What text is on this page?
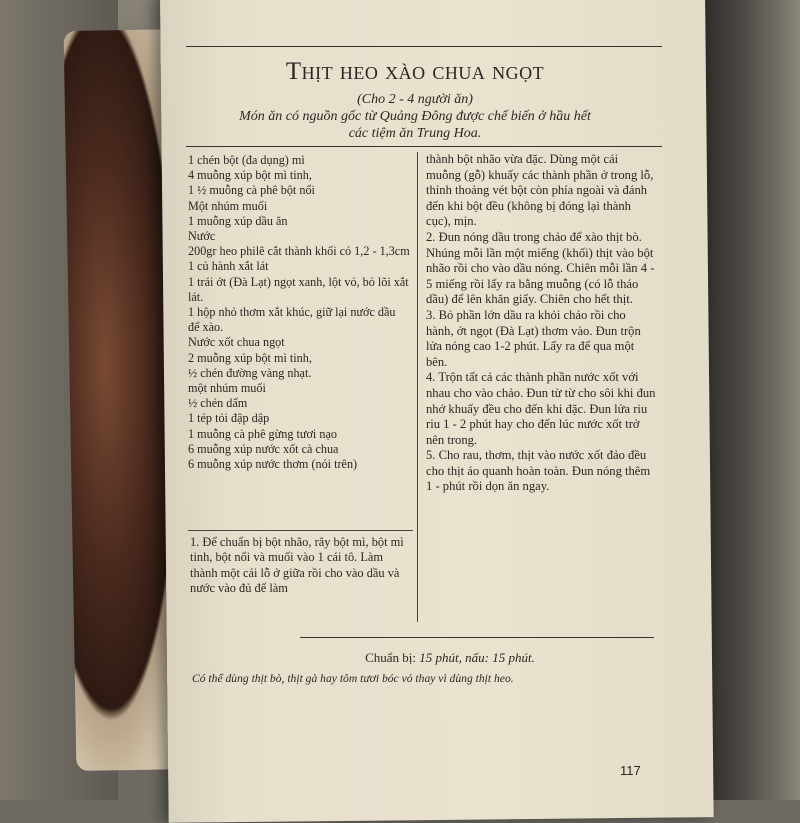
Thịt heo xào chua ngọt
(Cho 2 - 4 người ăn)
Món ăn có nguồn gốc từ Quảng Đông được chế biến ở hầu hết
các tiệm ăn Trung Hoa.
1 chén bột (đa dụng) mì
4 muỗng xúp bột mì tinh,
1 ½ muỗng cà phê bột nổi
Một nhúm muối
1 muỗng xúp dầu ăn
Nước
200gr heo philê cắt thành khối có 1,2 - 1,3cm
1 củ hành xắt lát
1 trái ớt (Đà Lạt) ngọt xanh, lột vỏ, bỏ lõi xắt lát.
1 hộp nhỏ thơm xắt khúc, giữ lại nước dầu để xào.
Nước xốt chua ngọt
2 muỗng xúp bột mì tinh,
½ chén đường vàng nhạt.
một nhúm muối
½ chén dấm
1 tép tỏi đập dập
1 muỗng cà phê gừng tươi nạo
6 muỗng xúp nước xốt cà chua
6 muỗng xúp nước thơm (nói trên)
1. Để chuẩn bị bột nhão, rây bột mì, bột mì tinh, bột nổi và muối vào 1 cái tô. Làm thành một cái lỗ ở giữa rồi cho vào dầu và nước vào đủ để làm
thành bột nhão vừa đặc. Dùng một cái muỗng (gỗ) khuấy các thành phần ở trong lỗ, thỉnh thoảng vét bột còn phía ngoài và đánh đến khi bột đều (không bị đóng lại thành cục), mịn.
2. Đun nóng dầu trong chảo để xào thịt bò. Nhúng mỗi lần một miếng (khối) thịt vào bột nhão rồi cho vào dầu nóng. Chiên mỗi lần 4 - 5 miếng rồi lấy ra bằng muỗng (có lỗ tháo dầu) để lên khăn giấy. Chiên cho hết thịt.
3. Bỏ phần lớn dầu ra khỏi chảo rồi cho hành, ớt ngọt (Đà Lạt) thơm vào. Đun trộn lửa nóng cao 1-2 phút. Lấy ra để qua một bên.
4. Trộn tất cả các thành phần nước xốt với nhau cho vào chảo. Đun từ từ cho sôi khi đun nhớ khuấy đều cho đến khi đặc. Đun lửa riu riu 1 - 2 phút hay cho đến lúc nước xốt trở nên trong.
5. Cho rau, thơm, thịt vào nước xốt đảo đều cho thịt áo quanh hoàn toàn. Đun nóng thêm 1 - phút rồi dọn ăn ngay.
Chuẩn bị: 15 phút, nấu: 15 phút.
Có thể dùng thịt bò, thịt gà hay tôm tươi bóc vỏ thay vì dùng thịt heo.
117
